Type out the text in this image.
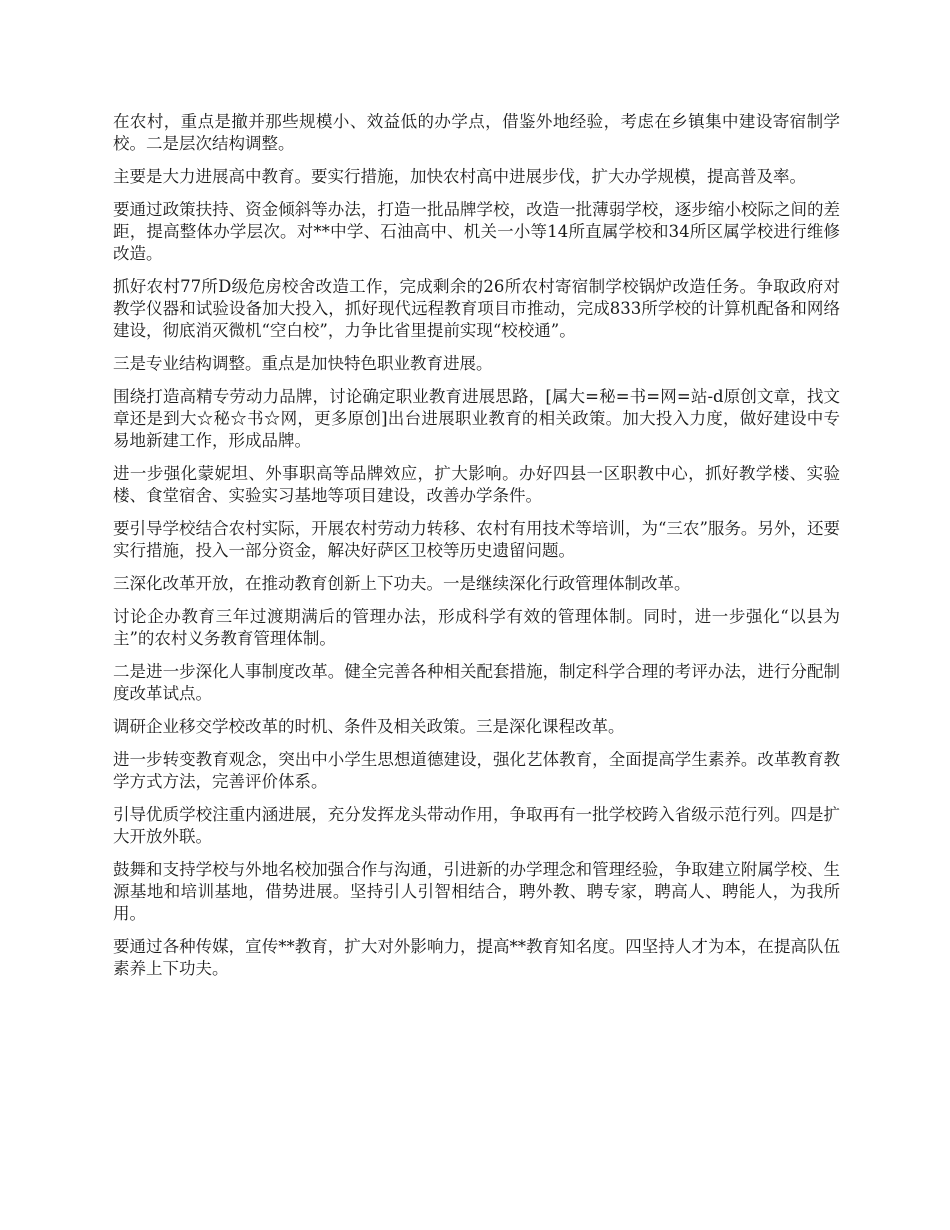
在农村，重点是撤并那些规模小、效益低的办学点，借鉴外地经验，考虑在乡镇集中建设寄宿制学校。二是层次结构调整。

主要是大力进展高中教育。要实行措施，加快农村高中进展步伐，扩大办学规模，提高普及率。

要通过政策扶持、资金倾斜等办法，打造一批品牌学校，改造一批薄弱学校，逐步缩小校际之间的差距，提高整体办学层次。对**中学、石油高中、机关一小等14所直属学校和34所区属学校进行维修改造。

抓好农村77所D级危房校舍改造工作，完成剩余的26所农村寄宿制学校锅炉改造任务。争取政府对教学仪器和试验设备加大投入，抓好现代远程教育项目市推动，完成833所学校的计算机配备和网络建设，彻底消灭微机“空白校”，力争比省里提前实现“校校通”。

三是专业结构调整。重点是加快特色职业教育进展。

围绕打造高精专劳动力品牌，讨论确定职业教育进展思路，[属大=秘=书=网=站-d原创文章，找文章还是到大☆秘☆书☆网，更多原创]出台进展职业教育的相关政策。加大投入力度，做好建设中专易地新建工作，形成品牌。

进一步强化蒙妮坦、外事职高等品牌效应，扩大影响。办好四县一区职教中心，抓好教学楼、实验楼、食堂宿舍、实验实习基地等项目建设，改善办学条件。

要引导学校结合农村实际，开展农村劳动力转移、农村有用技术等培训，为“三农”服务。另外，还要实行措施，投入一部分资金，解决好萨区卫校等历史遗留问题。

三深化改革开放，在推动教育创新上下功夫。一是继续深化行政管理体制改革。

讨论企办教育三年过渡期满后的管理办法，形成科学有效的管理体制。同时，进一步强化“以县为主”的农村义务教育管理体制。

二是进一步深化人事制度改革。健全完善各种相关配套措施，制定科学合理的考评办法，进行分配制度改革试点。

调研企业移交学校改革的时机、条件及相关政策。三是深化课程改革。

进一步转变教育观念，突出中小学生思想道德建设，强化艺体教育，全面提高学生素养。改革教育教学方式方法，完善评价体系。

引导优质学校注重内涵进展，充分发挥龙头带动作用，争取再有一批学校跨入省级示范行列。四是扩大开放外联。

鼓舞和支持学校与外地名校加强合作与沟通，引进新的办学理念和管理经验，争取建立附属学校、生源基地和培训基地，借势进展。坚持引人引智相结合，聘外教、聘专家，聘高人、聘能人，为我所用。

要通过各种传媒，宣传**教育，扩大对外影响力，提高**教育知名度。四坚持人才为本，在提高队伍素养上下功夫。
